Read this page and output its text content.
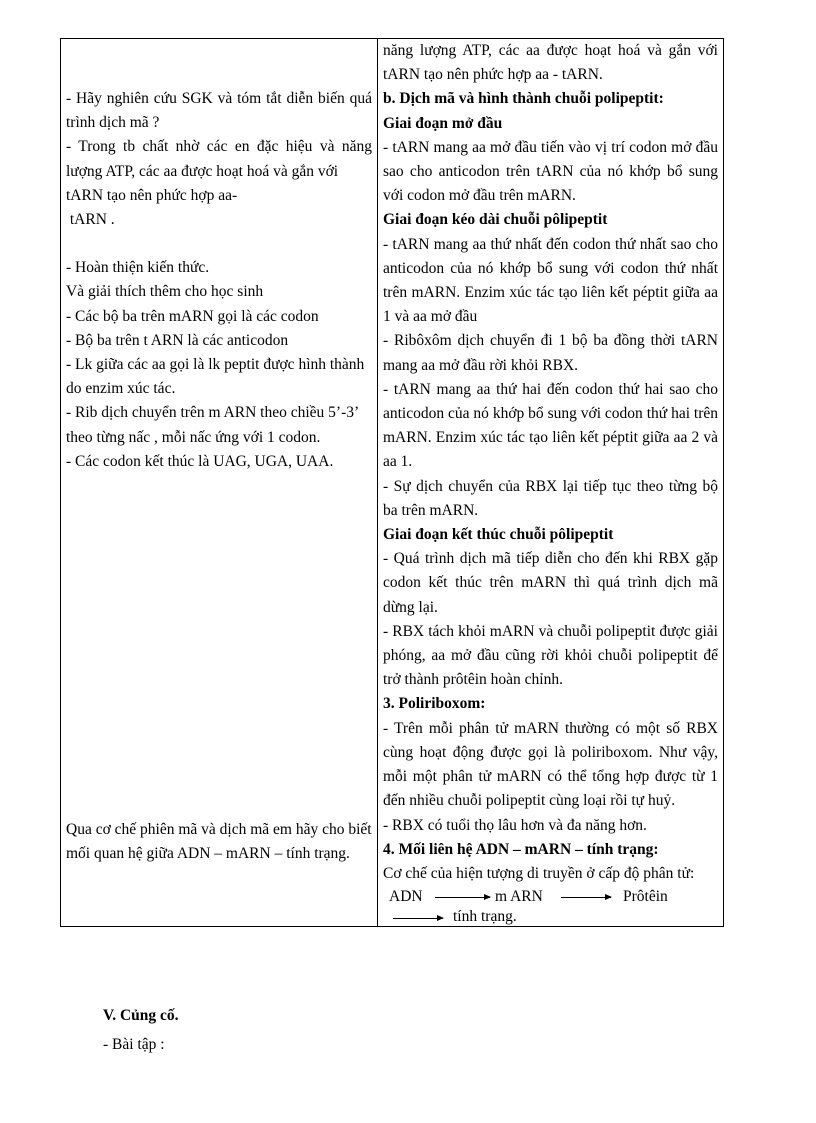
- Hãy nghiên cứu SGK và tóm tắt diễn biến quá trình dịch mã ?
- Trong tb chất nhờ các en đặc hiệu và năng lượng ATP, các aa được hoạt hoá và gắn với
tARN tạo nên phức hợp aa-
tARN .
- Hoàn thiện kiến thức.
Và giải thích thêm cho học sinh
- Các bộ ba trên mARN gọi là các codon
- Bộ ba trên t ARN là các anticodon
- Lk giữa các aa gọi là lk peptit được hình thành do enzim xúc tác.
- Rib dịch chuyển trên m ARN theo chiều 5’-3’ theo từng nấc , mỗi nấc ứng với 1 codon.
- Các codon kết thúc là UAG, UGA, UAA.
Qua cơ chế phiên mã và dịch mã em hãy cho biết mối quan hệ giữa ADN – mARN – tính trạng.

năng lượng ATP, các aa được hoạt hoá và gắn với tARN tạo nên phức hợp aa - tARN.
b. Dịch mã và hình thành chuỗi polipeptit:
Giai đoạn mở đầu
- tARN mang aa mở đầu tiến vào vị trí codon mở đầu sao cho anticodon trên tARN của nó khớp bổ sung với codon mở đầu trên mARN.
Giai đoạn kéo dài chuỗi pôlipeptit
- tARN mang aa thứ nhất đến codon thứ nhất sao cho anticodon của nó khớp bổ sung với codon thứ nhất trên mARN. Enzim xúc tác tạo liên kết péptit giữa aa 1 và aa mở đầu
- Ribôxôm dịch chuyển đi 1 bộ ba đồng thời tARN mang aa mở đầu rời khỏi RBX.
- tARN mang aa thứ hai đến codon thứ hai sao cho anticodon của nó khớp bổ sung với codon thứ hai trên mARN. Enzim xúc tác tạo liên kết péptit giữa aa 2 và aa 1.
- Sự dịch chuyển của RBX lại tiếp tục theo từng bộ ba trên mARN.
Giai đoạn kết thúc chuỗi pôlipeptit
- Quá trình dịch mã tiếp diễn cho đến khi RBX gặp codon kết thúc trên mARN thì quá trình dịch mã dừng lại.
- RBX tách khỏi mARN và chuỗi polipeptit được giải phóng, aa mở đầu cũng rời khỏi chuỗi polipeptit để trở thành prôtêin hoàn chỉnh.
3. Poliriboxom:
- Trên mỗi phân tử mARN thường có một số RBX cùng hoạt động được gọi là poliriboxom. Như vậy, mỗi một phân tử mARN có thể tổng hợp được từ 1 đến nhiều chuỗi polipeptit cùng loại rồi tự huỷ.
- RBX có tuổi thọ lâu hơn và đa năng hơn.
4. Mối liên hệ ADN – mARN – tính trạng:
Cơ chế của hiện tượng di truyền ở cấp độ phân tử:
ADN	m ARN	Prôtêin
tính trạng.
V. Củng cố.
- Bài tập :
